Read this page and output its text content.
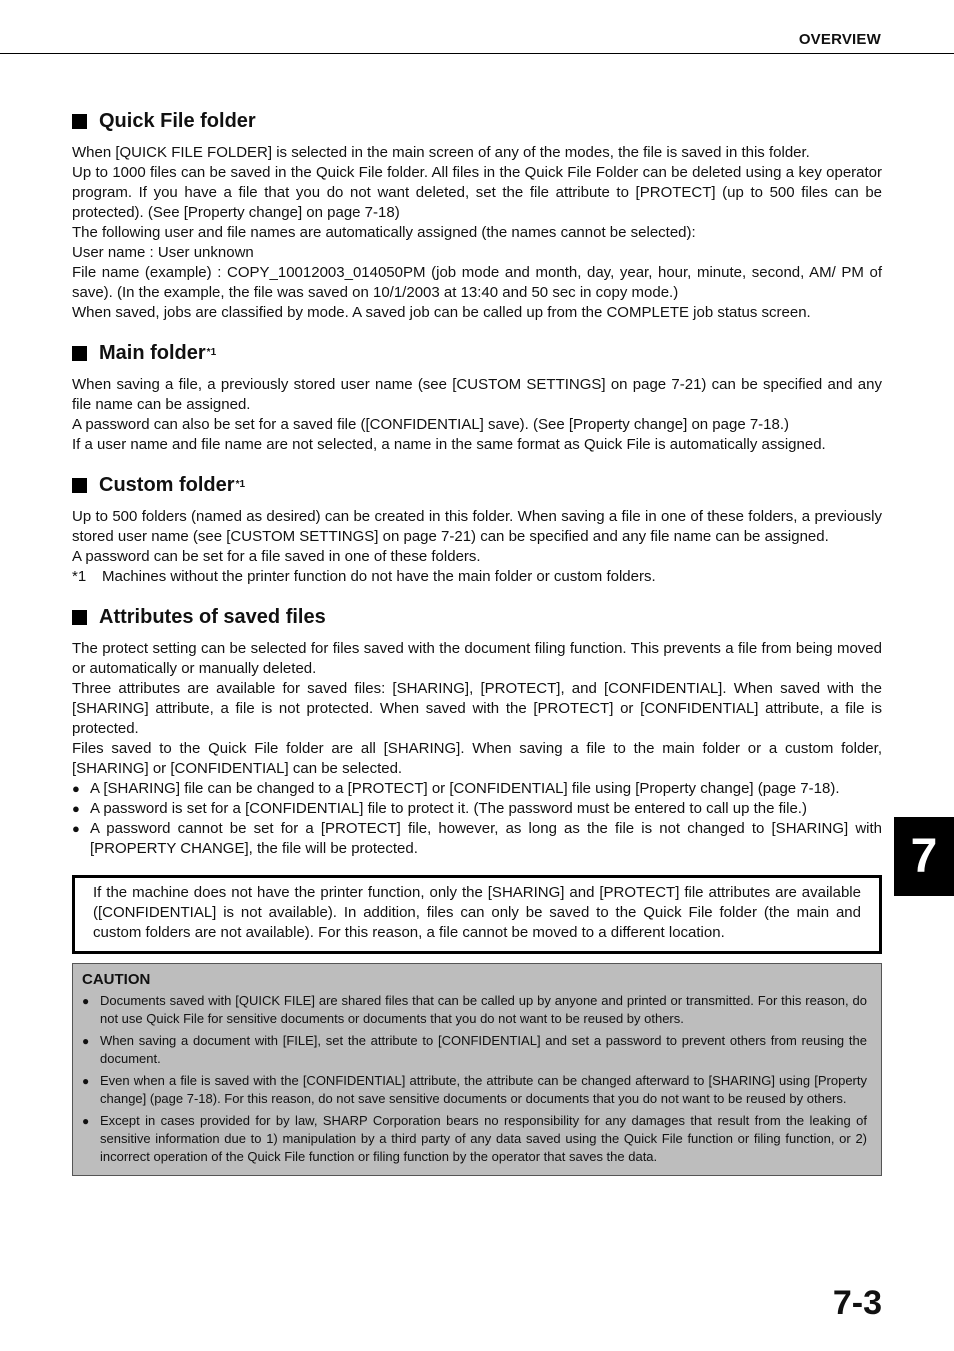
OVERVIEW
Quick File folder

When [QUICK FILE FOLDER] is selected in the main screen of any of the modes, the file is saved in this folder.

Up to 1000 files can be saved in the Quick File folder. All files in the Quick File Folder can be deleted using a key operator program. If you have a file that you do not want deleted, set the file attribute to [PROTECT] (up to 500 files can be protected). (See [Property change] on page 7-18)

The following user and file names are automatically assigned (the names cannot be selected):

User name : User unknown

File name (example) : COPY_10012003_014050PM (job mode and month, day, year, hour, minute, second, AM/ PM of save). (In the example, the file was saved on 10/1/2003 at 13:40 and 50 sec in copy mode.)

When saved, jobs are classified by mode. A saved job can be called up from the COMPLETE job status screen.

Main folder *1

When saving a file, a previously stored user name (see [CUSTOM SETTINGS] on page 7-21) can be specified and any file name can be assigned.

A password can also be set for a saved file ([CONFIDENTIAL] save). (See [Property change] on page 7-18.)

If a user name and file name are not selected, a name in the same format as Quick File is automatically assigned.

Custom folder *1

Up to 500 folders (named as desired) can be created in this folder. When saving a file in one of these folders, a previously stored user name (see [CUSTOM SETTINGS] on page 7-21) can be specified and any file name can be assigned.

A password can be set for a file saved in one of these folders.

*1	Machines without the printer function do not have the main folder or custom folders.
Attributes of saved files

The protect setting can be selected for files saved with the document filing function. This prevents a file from being moved or automatically or manually deleted.

Three attributes are available for saved files: [SHARING], [PROTECT], and [CONFIDENTIAL]. When saved with the [SHARING] attribute, a file is not protected. When saved with the [PROTECT] or [CONFIDENTIAL] attribute, a file is protected.

Files saved to the Quick File folder are all [SHARING]. When saving a file to the main folder or a custom folder, [SHARING] or [CONFIDENTIAL] can be selected.

● A [SHARING] file can be changed to a [PROTECT] or [CONFIDENTIAL] file using [Property change] (page 7-18).
● A password is set for a [CONFIDENTIAL] file to protect it. (The password must be entered to call up the file.)
● A password cannot be set for a [PROTECT] file, however, as long as the file is not changed to [SHARING] with [PROPERTY CHANGE], the file will be protected.
If the machine does not have the printer function, only the [SHARING] and [PROTECT] file attributes are available ([CONFIDENTIAL] is not available). In addition, files can only be saved to the Quick File folder (the main and custom folders are not available). For this reason, a file cannot be moved to a different location.
CAUTION
● Documents saved with [QUICK FILE] are shared files that can be called up by anyone and printed or transmitted. For this reason, do not use Quick File for sensitive documents or documents that you do not want to be reused by others.
● When saving a document with [FILE], set the attribute to [CONFIDENTIAL] and set a password to prevent others from reusing the document.
● Even when a file is saved with the [CONFIDENTIAL] attribute, the attribute can be changed afterward to [SHARING] using [Property change] (page 7-18). For this reason, do not save sensitive documents or documents that you do not want to be reused by others.
● Except in cases provided for by law, SHARP Corporation bears no responsibility for any damages that result from the leaking of sensitive information due to 1) manipulation by a third party of any data saved using the Quick File function or filing function, or 2) incorrect operation of the Quick File function or filing function by the operator that saves the data.
7
7-3
